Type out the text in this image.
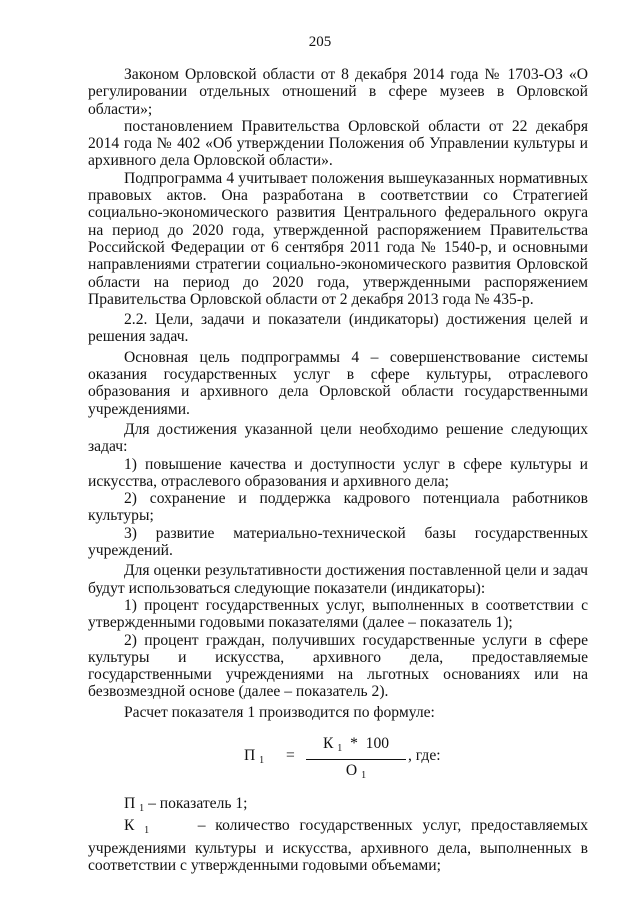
205

Законом Орловской области от 8 декабря 2014 года № 1703-ОЗ «О регулировании отдельных отношений в сфере музеев в Орловской области»;

постановлением Правительства Орловской области от 22 декабря 2014 года № 402 «Об утверждении Положения об Управлении культуры и архивного дела Орловской области».

Подпрограмма 4 учитывает положения вышеуказанных нормативных правовых актов. Она разработана в соответствии со Стратегией социально-экономического развития Центрального федерального округа на период до 2020 года, утвержденной распоряжением Правительства Российской Федерации от 6 сентября 2011 года № 1540-р, и основными направлениями стратегии социально-экономического развития Орловской области на период до 2020 года, утвержденными распоряжением Правительства Орловской области от 2 декабря 2013 года № 435-р.

2.2. Цели, задачи и показатели (индикаторы) достижения целей и решения задач.

Основная цель подпрограммы 4 – совершенствование системы оказания государственных услуг в сфере культуры, отраслевого образования и архивного дела Орловской области государственными учреждениями.

Для достижения указанной цели необходимо решение следующих задач:

1) повышение качества и доступности услуг в сфере культуры и искусства, отраслевого образования и архивного дела;

2) сохранение и поддержка кадрового потенциала работников культуры;

3) развитие материально-технической базы государственных учреждений.

Для оценки результативности достижения поставленной цели и задач будут использоваться следующие показатели (индикаторы):

1) процент государственных услуг, выполненных в соответствии с утвержденными годовыми показателями (далее – показатель 1);

2) процент граждан, получивших государственные услуги в сфере культуры и искусства, архивного дела, предоставляемые государственными учреждениями на льготных основаниях или на безвозмездной основе (далее – показатель 2).

Расчет показателя 1 производится по формуле:

П $_1$ =
К $_1$  *  100
О $_1$
, где:

П $_1$ – показатель 1;

К $_1$	– количество государственных услуг, предоставляемых учреждениями культуры и искусства, архивного дела, выполненных в соответствии с утвержденными годовыми объемами;
